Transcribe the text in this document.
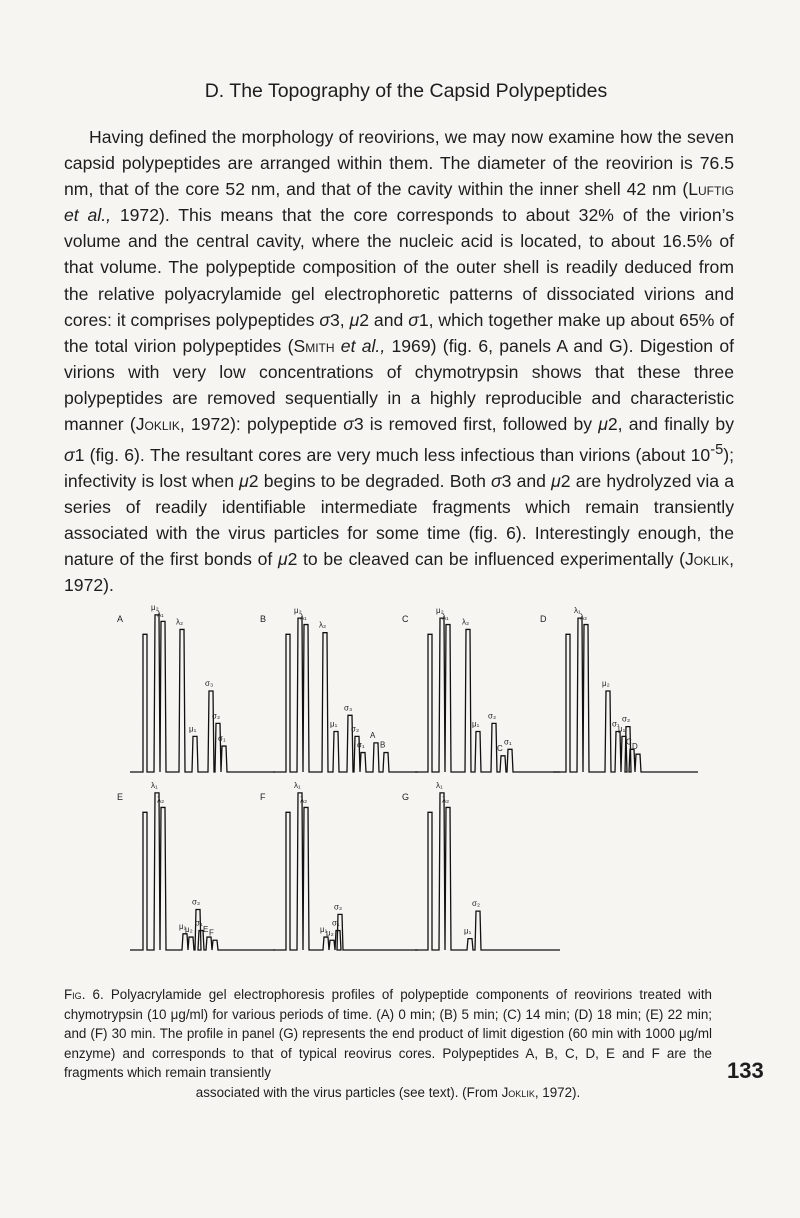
D. The Topography of the Capsid Polypeptides

Having defined the morphology of reovirions, we may now examine how the seven capsid polypeptides are arranged within them. The diameter of the reovirion is 76.5 nm, that of the core 52 nm, and that of the cavity within the inner shell 42 nm (Luftig et al., 1972). This means that the core corresponds to about 32% of the virion’s volume and the central cavity, where the nucleic acid is located, to about 16.5% of that volume. The polypeptide composition of the outer shell is readily deduced from the relative polyacrylamide gel electrophoretic patterns of dissociated virions and cores: it comprises polypeptides σ3, μ2 and σ1, which together make up about 65% of the total virion polypeptides (Smith et al., 1969) (fig. 6, panels A and G). Digestion of virions with very low concentrations of chymotrypsin shows that these three polypeptides are removed sequentially in a highly reproducible and characteristic manner (Joklik, 1972): polypeptide σ3 is removed first, followed by μ2, and finally by σ1 (fig. 6). The resultant cores are very much less infectious than virions (about $10^{-5}$); infectivity is lost when μ2 begins to be degraded. Both σ3 and μ2 are hydrolyzed via a series of readily identifiable intermediate fragments which remain transiently associated with the virus particles for some time (fig. 6). Interestingly enough, the nature of the first bonds of μ2 to be cleaved can be influenced experimentally (Joklik, 1972).

A
μ₂
λ₁
λ₂
μ₁
σ₃
σ₂
σ₁
B
μ₂
λ₁
λ₂
μ₁
σ₃
σ₂
σ₁
A
B
C
μ₂
λ₁
λ₂
μ₁
σ₂
C
σ₁
D
λ₁
λ₂
μ₂
σ₁
μ₁
σ₂
C
D
E
λ₁
λ₂
μ₁
μ₂
σ₂
σ₁
E F
F
λ₁
λ₂
μ₁
μ₂
σ₁
σ₂
G
λ₁
λ₂
μ₁
σ₂

Fig. 6. Polyacrylamide gel electrophoresis profiles of polypeptide components of reovirions treated with chymotrypsin (10 μg/ml) for various periods of time. (A) 0 min; (B) 5 min; (C) 14 min; (D) 18 min; (E) 22 min; and (F) 30 min. The profile in panel (G) represents the end product of limit digestion (60 min with 1000 μg/ml enzyme) and corresponds to that of typical reovirus cores. Polypeptides A, B, C, D, E and F are the fragments which remain transiently
associated with the virus particles (see text). (From Joklik, 1972).

133
